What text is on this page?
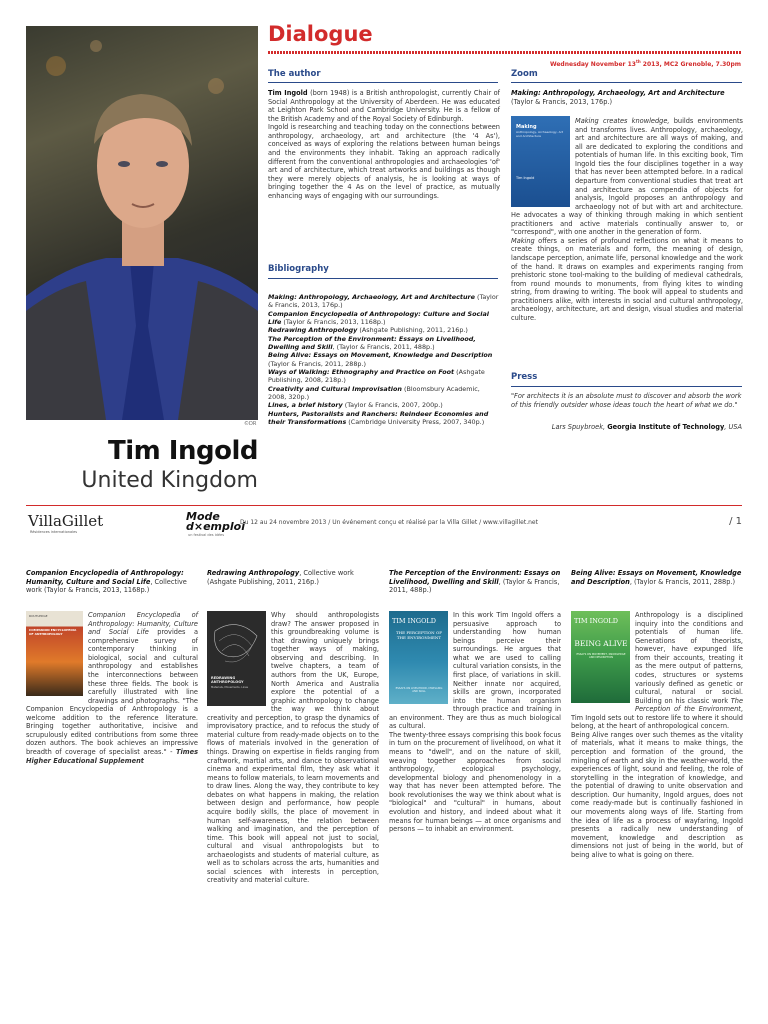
©DR
Tim Ingold
United Kingdom
Dialogue
Wednesday November 13th 2013, MC2 Grenoble, 7.30pm
The author
Tim Ingold (born 1948) is a British anthropologist, currently Chair of Social Anthropology at the University of Aberdeen. He was educated at Leighton Park School and Cambridge University. He is a fellow of the British Academy and of the Royal Society of Edinburgh.
Ingold is researching and teaching today on the connections between anthropology, archaeology, art and architecture (the '4 As'), conceived as ways of exploring the relations between human beings and the environments they inhabit. Taking an approach radically different from the conventional anthropologies and archaeologies 'of' art and of architecture, which treat artworks and buildings as though they were merely objects of analysis, he is looking at ways of bringing together the 4 As on the level of practice, as mutually enhancing ways of engaging with our surroundings.
Bibliography
Making: Anthropology, Archaeology, Art and Architecture (Taylor & Francis, 2013, 176p.)
Companion Encyclopedia of Anthropology: Culture and Social Life (Taylor & Francis, 2013, 1168p.)
Redrawing Anthropology (Ashgate Publishing, 2011, 216p.)
The Perception of the Environment: Essays on Livelihood, Dwelling and Skill, (Taylor & Francis, 2011, 488p.)
Being Alive: Essays on Movement, Knowledge and Description (Taylor & Francis, 2011, 288p.)
Ways of Walking: Ethnography and Practice on Foot (Ashgate Publishing, 2008, 218p.)
Creativity and Cultural Improvisation (Bloomsbury Academic, 2008, 320p.)
Lines, a brief history (Taylor & Francis, 2007, 200p.)
Hunters, Pastoralists and Ranchers: Reindeer Economies and their Transformations (Cambridge University Press, 2007, 340p.)
Zoom
Making: Anthropology, Archaeology, Art and Architecture (Taylor & Francis, 2013, 176p.)
Making
Anthropology, Archaeology, Art and Architecture
Tim Ingold
Making creates knowledge, builds environments and transforms lives. Anthropology, archaeology, art and architecture are all ways of making, and all are dedicated to exploring the conditions and potentials of human life. In this exciting book, Tim Ingold ties the four disciplines together in a way that has never been attempted before. In a radical departure from conventional studies that treat art and architecture as compendia of objects for analysis, Ingold proposes an anthropology and archaeology not of but with art and architecture. He advocates a way of thinking through making in which sentient practitioners and active materials continually answer to, or "correspond", with one another in the generation of form.
Making offers a series of profound reflections on what it means to create things, on materials and form, the meaning of design, landscape perception, animate life, personal knowledge and the work of the hand. It draws on examples and experiments ranging from prehistoric stone tool-making to the building of medieval cathedrals, from round mounds to monuments, from flying kites to winding string, from drawing to writing. The book will appeal to students and practitioners alike, with interests in social and cultural anthropology, archaeology, architecture, art and design, visual studies and material culture.
Press
"For architects it is an absolute must to discover and absorb the work of this friendly outsider whose ideas touch the heart of what we do."
Lars Spuybroek, Georgia Institute of Technology, USA
VillaGillet
Résidences internationales
Mode
d×emploi
un festival des idées
Du 12 au 24 novembre 2013 / Un événement conçu et réalisé par la Villa Gillet / www.villagillet.net	/ 1
Companion Encyclopedia of Anthropology: Humanity, Culture and Social Life, Collective work (Taylor & Francis, 2013, 1168p.)
ROUTLEDGE
COMPANION ENCYCLOPEDIA OF ANTHROPOLOGY
Companion Encyclopedia of Anthropology: Humanity, Culture and Social Life provides a comprehensive survey of contemporary thinking in biological, social and cultural anthropology and establishes the interconnections between these three fields. The book is carefully illustrated with line drawings and photographs. "The Companion Encyclopedia of Anthropology is a welcome addition to the reference literature. Bringing together authoritative, incisive and scrupulously edited contributions from some three dozen authors. The book achieves an impressive breadth of coverage of specialist areas." - Times Higher Educational Supplement
Redrawing Anthropology, Collective work (Ashgate Publishing, 2011, 216p.)
REDRAWING ANTHROPOLOGY
Materials, Movements, Lines
Why should anthropologists draw? The answer proposed in this groundbreaking volume is that drawing uniquely brings together ways of making, observing and describing. In twelve chapters, a team of authors from the UK, Europe, North America and Australia explore the potential of a graphic anthropology to change the way we think about creativity and perception, to grasp the dynamics of improvisatory practice, and to refocus the study of material culture from ready-made objects on to the flows of materials involved in the generation of things. Drawing on expertise in fields ranging from craftwork, martial arts, and dance to observational cinema and experimental film, they ask what it means to follow materials, to learn movements and to draw lines. Along the way, they contribute to key debates on what happens in making, the relation between design and performance, how people acquire bodily skills, the place of movement in human self-awareness, the relation between walking and imagination, and the perception of time. This book will appeal not just to social, cultural and visual anthropologists but to archaeologists and students of material culture, as well as to scholars across the arts, humanities and social sciences with interests in perception, creativity and material culture.
The Perception of the Environment: Essays on Livelihood, Dwelling and Skill, (Taylor & Francis, 2011, 488p.)
TIM INGOLD
THE PERCEPTION OF THE ENVIRONMENT
ESSAYS ON LIVELIHOOD, DWELLING AND SKILL
In this work Tim Ingold offers a persuasive approach to understanding how human beings perceive their surroundings. He argues that what we are used to calling cultural variation consists, in the first place, of variations in skill. Neither innate nor acquired, skills are grown, incorporated into the human organism through practice and training in an environment. They are thus as much biological as cultural.
The twenty-three essays comprising this book focus in turn on the procurement of livelihood, on what it means to "dwell", and on the nature of skill, weaving together approaches from social anthropology, ecological psychology, developmental biology and phenomenology in a way that has never been attempted before. The book revolutionises the way we think about what is "biological" and "cultural" in humans, about evolution and history, and indeed about what it means for human beings — at once organisms and persons — to inhabit an environment.
Being Alive: Essays on Movement, Knowledge and Description, (Taylor & Francis, 2011, 288p.)
TIM INGOLD
BEING ALIVE
ESSAYS ON MOVEMENT, KNOWLEDGE AND DESCRIPTION
Anthropology is a disciplined inquiry into the conditions and potentials of human life. Generations of theorists, however, have expunged life from their accounts, treating it as the mere output of patterns, codes, structures or systems variously defined as genetic or cultural, natural or social. Building on his classic work The Perception of the Environment, Tim Ingold sets out to restore life to where it should belong, at the heart of anthropological concern.
Being Alive ranges over such themes as the vitality of materials, what it means to make things, the perception and formation of the ground, the mingling of earth and sky in the weather-world, the experiences of light, sound and feeling, the role of storytelling in the integration of knowledge, and the potential of drawing to unite observation and description. Our humanity, Ingold argues, does not come ready-made but is continually fashioned in our movements along ways of life. Starting from the idea of life as a process of wayfaring, Ingold presents a radically new understanding of movement, knowledge and description as dimensions not just of being in the world, but of being alive to what is going on there.
